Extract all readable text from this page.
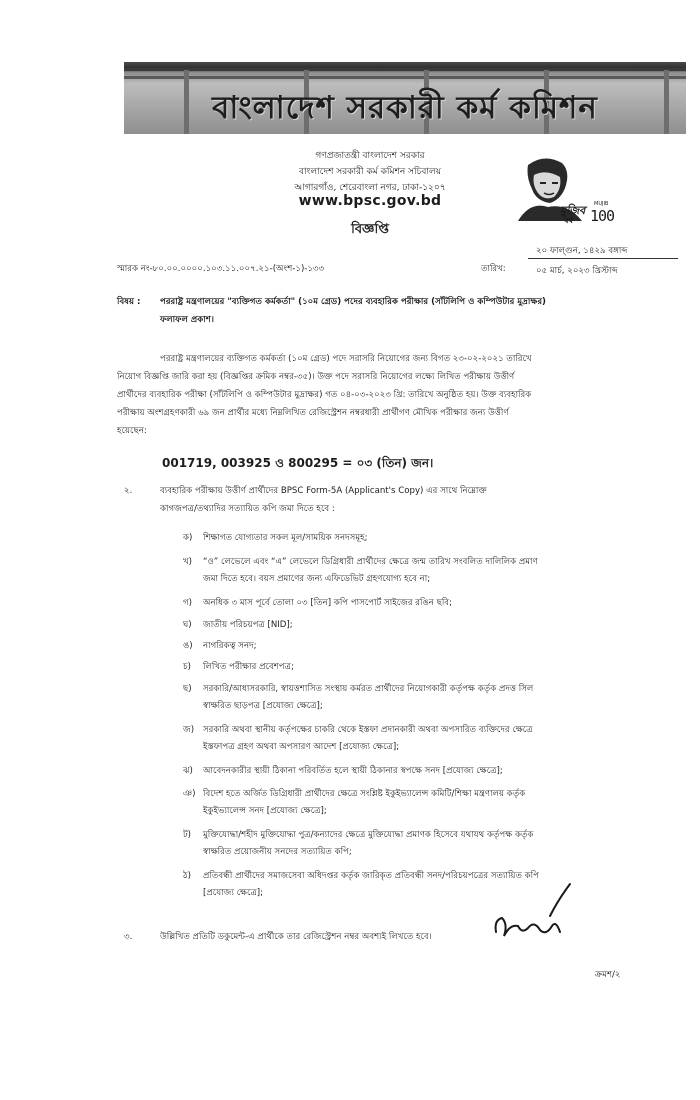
বাংলাদেশ সরকারী কর্ম কমিশন
গণপ্রজাতন্ত্রী বাংলাদেশ সরকার
বাংলাদেশ সরকারী কর্ম কমিশন সচিবালয়
আগারগাঁও, শেরেবাংলা নগর, ঢাকা-১২০৭
www.bpsc.gov.bd
বিজ্ঞপ্তি
মুজিব
বর্ষ
MUJIB
100
স্মারক নং-৮০.০০.০০০০.১০৩.১১.০০৭.২১-(অংশ-১)-১৩৩	তারিখ:
২০ ফাল্গুন, ১৪২৯ বঙ্গাব্দ
০৫ মার্চ, ২০২৩ খ্রিস্টাব্দ
বিষয় : পররাষ্ট্র মন্ত্রণালয়ের "ব্যক্তিগত কর্মকর্তা" (১০ম গ্রেড) পদের ব্যবহারিক পরীক্ষার (সাঁটলিপি ও কম্পিউটার মুদ্রাক্ষর)
ফলাফল প্রকাশ।
পররাষ্ট্র মন্ত্রণালয়ের ব্যক্তিগত কর্মকর্তা (১০ম গ্রেড) পদে সরাসরি নিয়োগের জন্য বিগত ২৩-০২-২০২১ তারিখে
নিয়োগ বিজ্ঞপ্তি জারি করা হয় (বিজ্ঞপ্তির ক্রমিক নম্বর-৩৫)। উক্ত পদে সরাসরি নিয়োগের লক্ষ্যে লিখিত পরীক্ষায় উত্তীর্ণ
প্রার্থীদের ব্যবহারিক পরীক্ষা (সাঁটলিপি ও কম্পিউটার মুদ্রাক্ষর) গত ০৪-০৩-২০২৩ খ্রি: তারিখে অনুষ্ঠিত হয়। উক্ত ব্যবহারিক
পরীক্ষায় অংশগ্রহণকারী ৬৯ জন প্রার্থীর মধ্যে নিম্নলিখিত রেজিস্ট্রেশন নম্বরধারী প্রার্থীগণ মৌখিক পরীক্ষার জন্য উত্তীর্ণ
হয়েছেন:
001719, 003925 ও 800295 = ০৩ (তিন) জন।
২.	ব্যবহারিক পরীক্ষায় উত্তীর্ণ প্রার্থীদের BPSC Form-5A (Applicant's Copy) এর সাথে নিম্নোক্ত
কাগজপত্র/তথ্যাদির সত্যায়িত কপি জমা দিতে হবে :
ক) শিক্ষাগত যোগ্যতার সকল মূল/সাময়িক সনদসমূহ;
খ) “ও” লেভেলে এবং “এ” লেভেলে ডিগ্রিধারী প্রার্থীদের ক্ষেত্রে জন্ম তারিখ সংবলিত দালিলিক প্রমাণ
জমা দিতে হবে। বয়স প্রমাণের জন্য এফিডেভিট গ্রহণযোগ্য হবে না;
গ) অনধিক ৩ মাস পূর্বে তোলা ০৩ [তিন] কপি পাসপোর্ট সাইজের রঙিন ছবি;
ঘ) জাতীয় পরিচয়পত্র [NID];
ঙ) নাগরিকত্ব সনদ;
চ) লিখিত পরীক্ষার প্রবেশপত্র;
ছ) সরকারি/আধাসরকারি, স্বায়ত্তশাসিত সংস্থায় কর্মরত প্রার্থীদের নিয়োগকারী কর্তৃপক্ষ কর্তৃক প্রদত্ত সিল
স্বাক্ষরিত ছাড়পত্র [প্রযোজ্য ক্ষেত্রে];
জ) সরকারি অথবা স্থানীয় কর্তৃপক্ষের চাকরি থেকে ইস্তফা প্রদানকারী অথবা অপসারিত ব্যক্তিদের ক্ষেত্রে
ইস্তফাপত্র গ্রহণ অথবা অপসারণ আদেশ [প্রযোজ্য ক্ষেত্রে];
ঝ) আবেদনকারীর স্থায়ী ঠিকানা পরিবর্তিত হলে স্থায়ী ঠিকানার স্বপক্ষে সনদ [প্রযোজ্য ক্ষেত্রে];
ঞ) বিদেশ হতে অর্জিত ডিগ্রিধারী প্রার্থীদের ক্ষেত্রে সংশ্লিষ্ট ইকুইভ্যালেন্স কমিটি/শিক্ষা মন্ত্রণালয় কর্তৃক
ইকুইভ্যালেন্স সনদ [প্রযোজ্য ক্ষেত্রে];
ট) মুক্তিযোদ্ধা/শহীদ মুক্তিযোদ্ধা পুত্র/কন্যাদের ক্ষেত্রে মুক্তিযোদ্ধা প্রমাণক হিসেবে যথাযথ কর্তৃপক্ষ কর্তৃক
স্বাক্ষরিত প্রয়োজনীয় সনদের সত্যায়িত কপি;
ঠ) প্রতিবন্ধী প্রার্থীদের সমাজসেবা অধিদপ্তর কর্তৃক জারিকৃত প্রতিবন্ধী সনদ/পরিচয়পত্রের সত্যায়িত কপি
[প্রযোজ্য ক্ষেত্রে];
৩.	উল্লিখিত প্রতিটি ডকুমেন্ট-এ প্রার্থীকে তার রেজিস্ট্রেশন নম্বর অবশ্যই লিখতে হবে।
ক্রমশ/২
